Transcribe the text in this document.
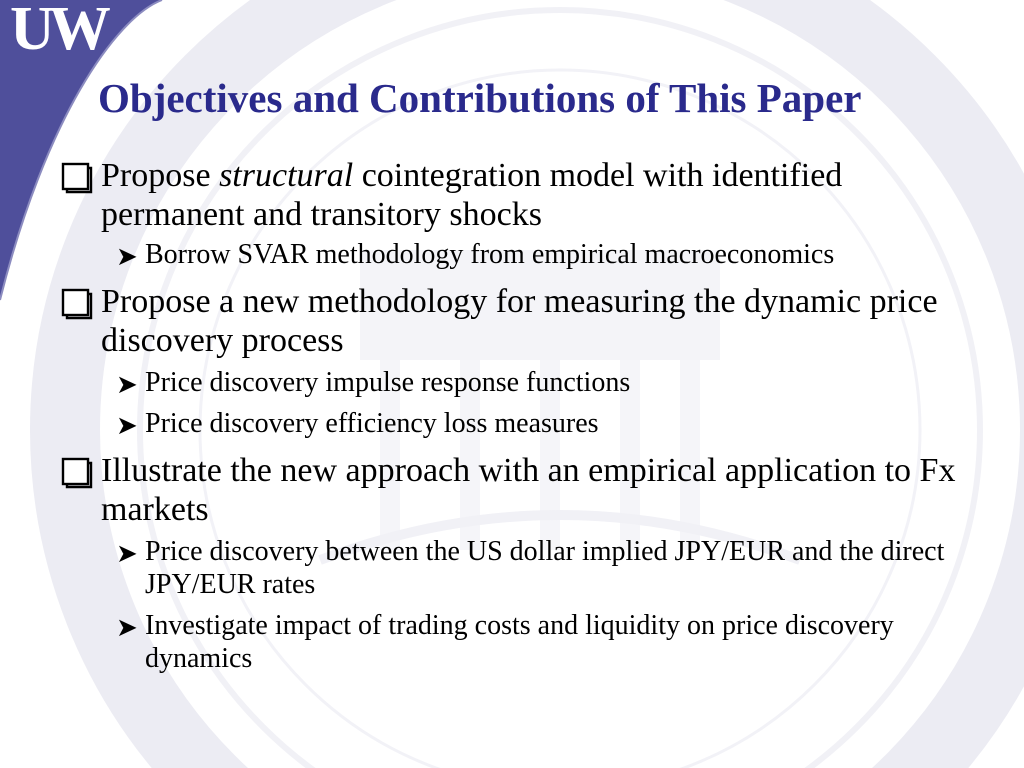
UW
Objectives and Contributions of This Paper
Propose structural cointegration model with identified permanent and transitory shocks
➤ Borrow SVAR methodology from empirical macroeconomics
Propose a new methodology for measuring the dynamic price discovery process
➤ Price discovery impulse response functions
➤ Price discovery efficiency loss measures
Illustrate the new approach with an empirical application to Fx markets
➤ Price discovery between the US dollar implied JPY/EUR and the direct JPY/EUR rates
➤ Investigate impact of trading costs and liquidity on price discovery dynamics
